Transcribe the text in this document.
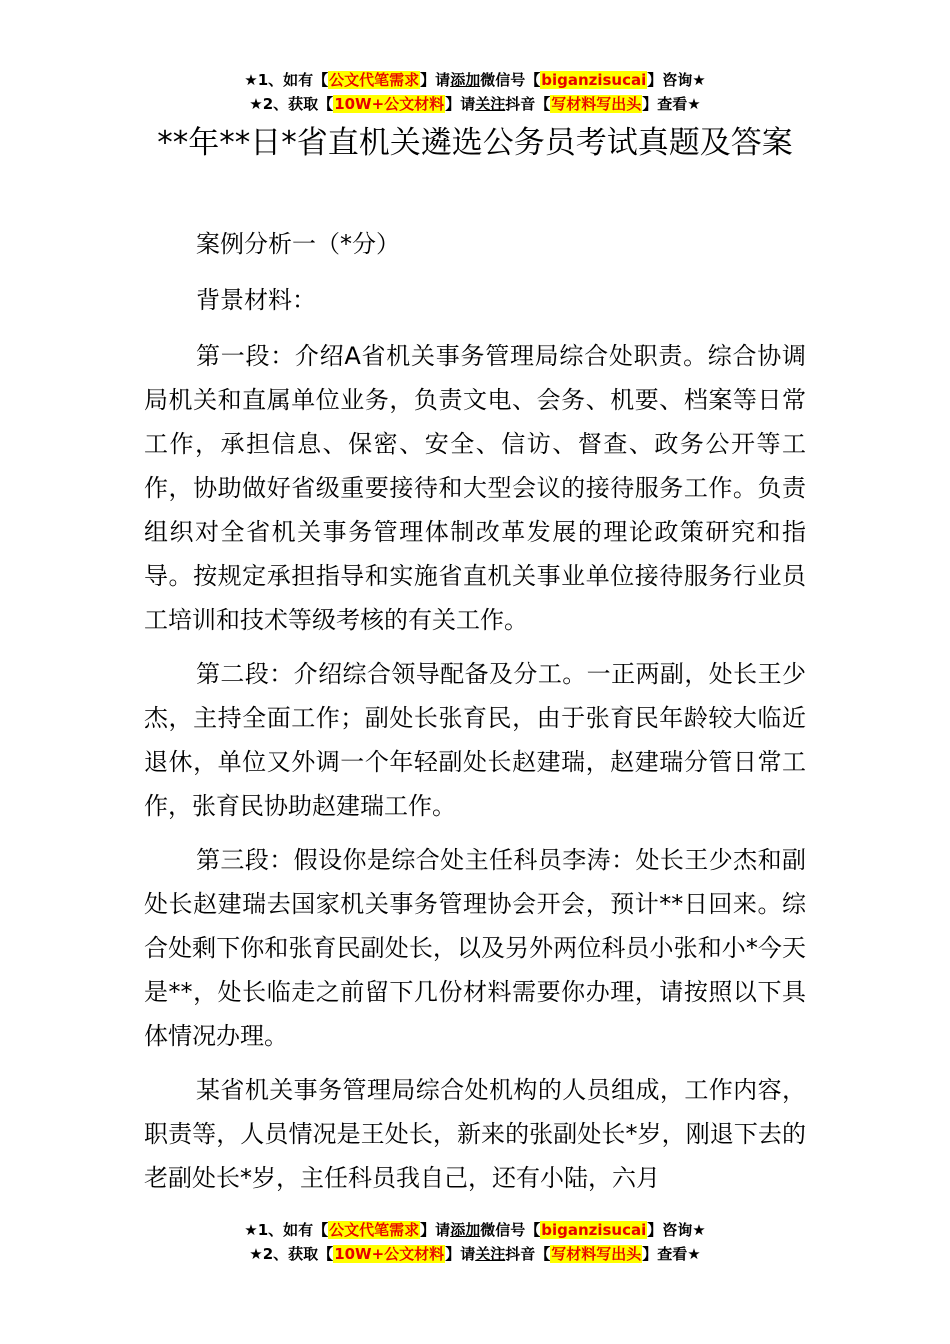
★1、如有【公文代笔需求】请添加微信号【biganzisucai】咨询★
★2、获取【10W+公文材料】请关注抖音【写材料写出头】查看★
**年**日*省直机关遴选公务员考试真题及答案

案例分析一（*分）

背景材料：

第一段：介绍A省机关事务管理局综合处职责。综合协调局机关和直属单位业务，负责文电、会务、机要、档案等日常工作，承担信息、保密、安全、信访、督查、政务公开等工作，协助做好省级重要接待和大型会议的接待服务工作。负责组织对全省机关事务管理体制改革发展的理论政策研究和指导。按规定承担指导和实施省直机关事业单位接待服务行业员工培训和技术等级考核的有关工作。

第二段：介绍综合领导配备及分工。一正两副，处长王少杰，主持全面工作；副处长张育民，由于张育民年龄较大临近退休，单位又外调一个年轻副处长赵建瑞，赵建瑞分管日常工作，张育民协助赵建瑞工作。

第三段：假设你是综合处主任科员李涛：处长王少杰和副处长赵建瑞去国家机关事务管理协会开会，预计**日回来。综合处剩下你和张育民副处长，以及另外两位科员小张和小*今天是**，处长临走之前留下几份材料需要你办理，请按照以下具体情况办理。

某省机关事务管理局综合处机构的人员组成，工作内容，职责等，人员情况是王处长，新来的张副处长*岁，刚退下去的老副处长*岁，主任科员我自己，还有小陆，六月

★1、如有【公文代笔需求】请添加微信号【biganzisucai】咨询★
★2、获取【10W+公文材料】请关注抖音【写材料写出头】查看★
